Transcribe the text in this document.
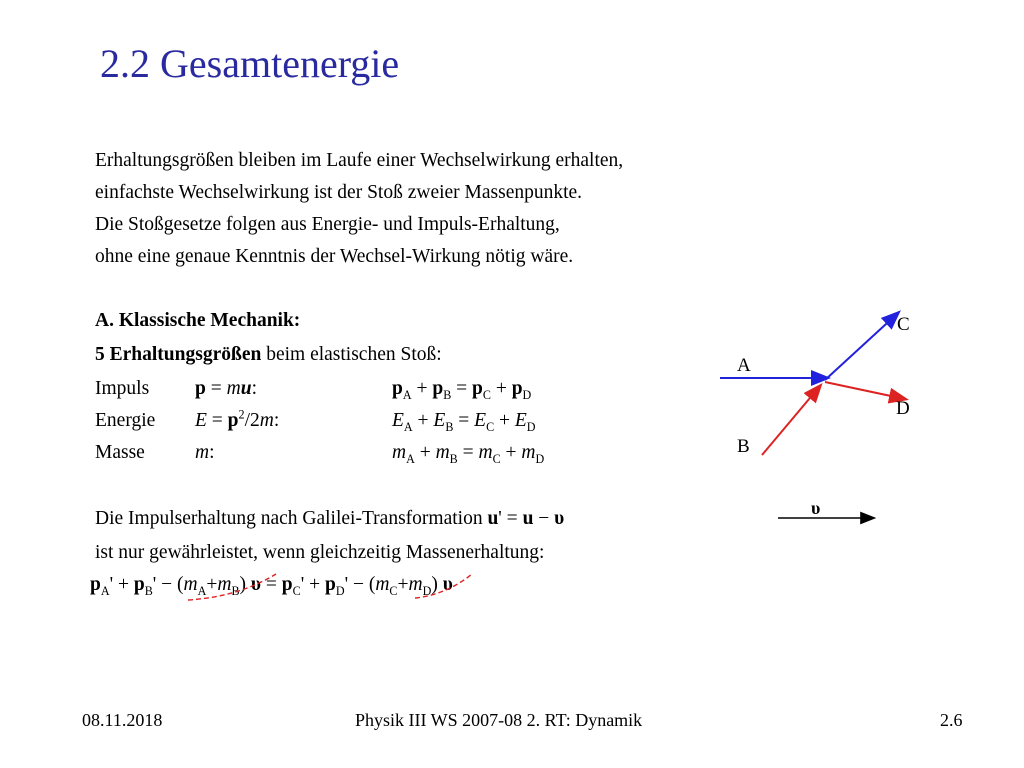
2.2 Gesamtenergie
Erhaltungsgrößen bleiben im Laufe einer Wechselwirkung erhalten,
einfachste Wechselwirkung ist der Stoß zweier Massenpunkte.
Die Stoßgesetze folgen aus Energie- und Impuls-Erhaltung,
ohne eine genaue Kenntnis der Wechsel-Wirkung nötig wäre.
A. Klassische Mechanik:
5 Erhaltungsgrößen beim elastischen Stoß:
Impuls p = mu:	$p_A + p_B = p_C + p_D$
Energie $E = p^2/2m$:	$E_A + E_B = E_C + E_D$
Masse	m:	$m_A + m_B = m_C + m_D$
Die Impulserhaltung nach Galilei-Transformation u' = u − υ
ist nur gewährleistet, wenn gleichzeitig Massenerhaltung:
$p_A' + p_B' - (m_A+m_B) \upsilon = p_C' + p_D' - (m_C+m_D)$ υ
C
A
D
B
υ
08.11.2018	Physik III WS 2007-08 2. RT: Dynamik	2.6
